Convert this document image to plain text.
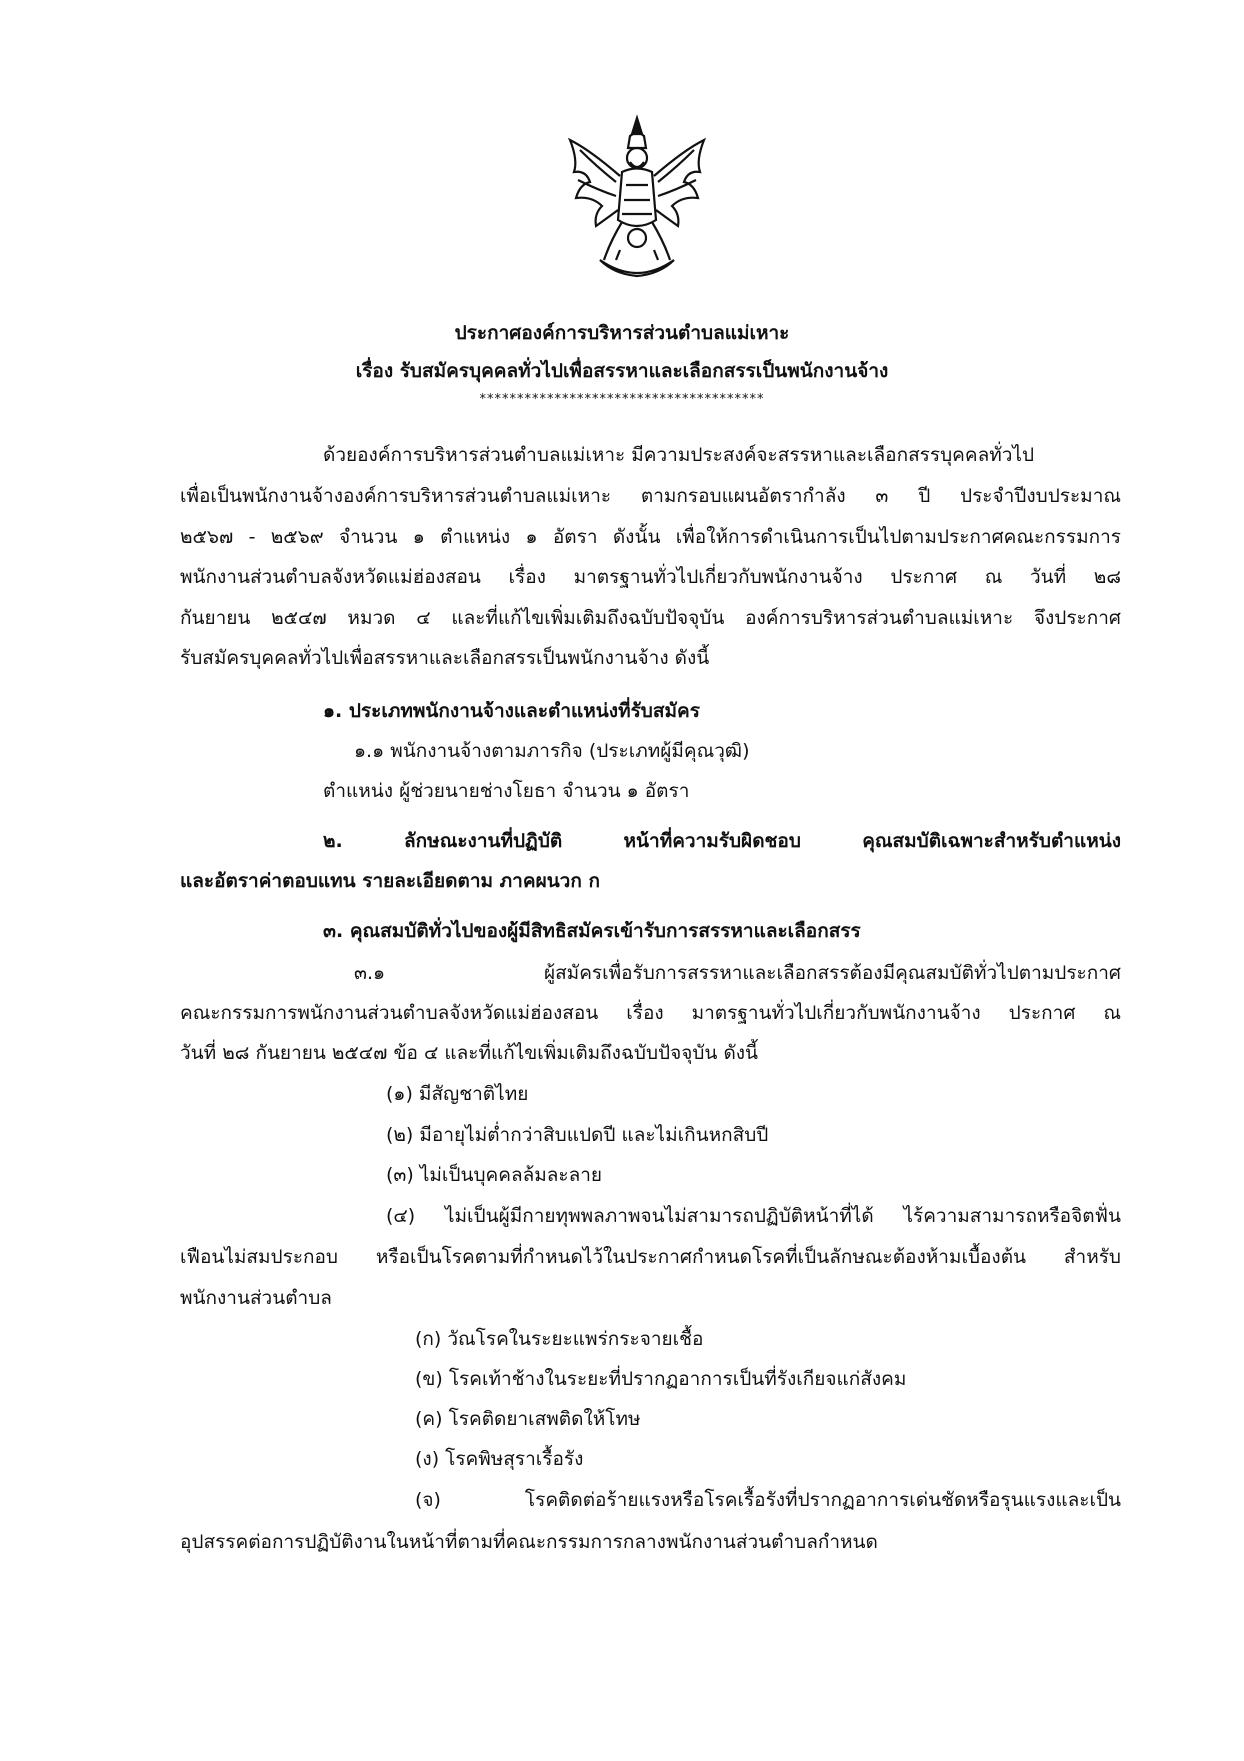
ประกาศองค์การบริหารส่วนตำบลแม่เหาะ
เรื่อง รับสมัครบุคคลทั่วไปเพื่อสรรหาและเลือกสรรเป็นพนักงานจ้าง
**************************************
ด้วยองค์การบริหารส่วนตำบลแม่เหาะ มีความประสงค์จะสรรหาและเลือกสรรบุคคลทั่วไป
เพื่อเป็นพนักงานจ้างองค์การบริหารส่วนตำบลแม่เหาะ ตามกรอบแผนอัตรากำลัง ๓ ปี ประจำปีงบประมาณ
๒๕๖๗ - ๒๕๖๙ จำนวน ๑ ตำแหน่ง ๑ อัตรา ดังนั้น เพื่อให้การดำเนินการเป็นไปตามประกาศคณะกรรมการ
พนักงานส่วนตำบลจังหวัดแม่ฮ่องสอน เรื่อง มาตรฐานทั่วไปเกี่ยวกับพนักงานจ้าง ประกาศ ณ วันที่ ๒๘
กันยายน ๒๕๔๗ หมวด ๔ และที่แก้ไขเพิ่มเติมถึงฉบับปัจจุบัน องค์การบริหารส่วนตำบลแม่เหาะ จึงประกาศ
รับสมัครบุคคลทั่วไปเพื่อสรรหาและเลือกสรรเป็นพนักงานจ้าง ดังนี้
๑. ประเภทพนักงานจ้างและตำแหน่งที่รับสมัคร
๑.๑ พนักงานจ้างตามภารกิจ (ประเภทผู้มีคุณวุฒิ)
ตำแหน่ง ผู้ช่วยนายช่างโยธา จำนวน ๑ อัตรา
๒. ลักษณะงานที่ปฏิบัติ หน้าที่ความรับผิดชอบ คุณสมบัติเฉพาะสำหรับตำแหน่ง
และอัตราค่าตอบแทน รายละเอียดตาม ภาคผนวก ก
๓. คุณสมบัติทั่วไปของผู้มีสิทธิสมัครเข้ารับการสรรหาและเลือกสรร
๓.๑ ผู้สมัครเพื่อรับการสรรหาและเลือกสรรต้องมีคุณสมบัติทั่วไปตามประกาศ
คณะกรรมการพนักงานส่วนตำบลจังหวัดแม่ฮ่องสอน เรื่อง มาตรฐานทั่วไปเกี่ยวกับพนักงานจ้าง ประกาศ ณ
วันที่ ๒๘ กันยายน ๒๕๔๗ ข้อ ๔ และที่แก้ไขเพิ่มเติมถึงฉบับปัจจุบัน ดังนี้
(๑) มีสัญชาติไทย
(๒) มีอายุไม่ต่ำกว่าสิบแปดปี และไม่เกินหกสิบปี
(๓) ไม่เป็นบุคคลล้มละลาย
(๔) ไม่เป็นผู้มีกายทุพพลภาพจนไม่สามารถปฏิบัติหน้าที่ได้ ไร้ความสามารถหรือจิตฟั่น
เฟือนไม่สมประกอบ หรือเป็นโรคตามที่กำหนดไว้ในประกาศกำหนดโรคที่เป็นลักษณะต้องห้ามเบื้องต้น สำหรับ
พนักงานส่วนตำบล
(ก) วัณโรคในระยะแพร่กระจายเชื้อ
(ข) โรคเท้าช้างในระยะที่ปรากฏอาการเป็นที่รังเกียจแก่สังคม
(ค) โรคติดยาเสพติดให้โทษ
(ง) โรคพิษสุราเรื้อรัง
(จ) โรคติดต่อร้ายแรงหรือโรคเรื้อรังที่ปรากฏอาการเด่นชัดหรือรุนแรงและเป็น
อุปสรรคต่อการปฏิบัติงานในหน้าที่ตามที่คณะกรรมการกลางพนักงานส่วนตำบลกำหนด
